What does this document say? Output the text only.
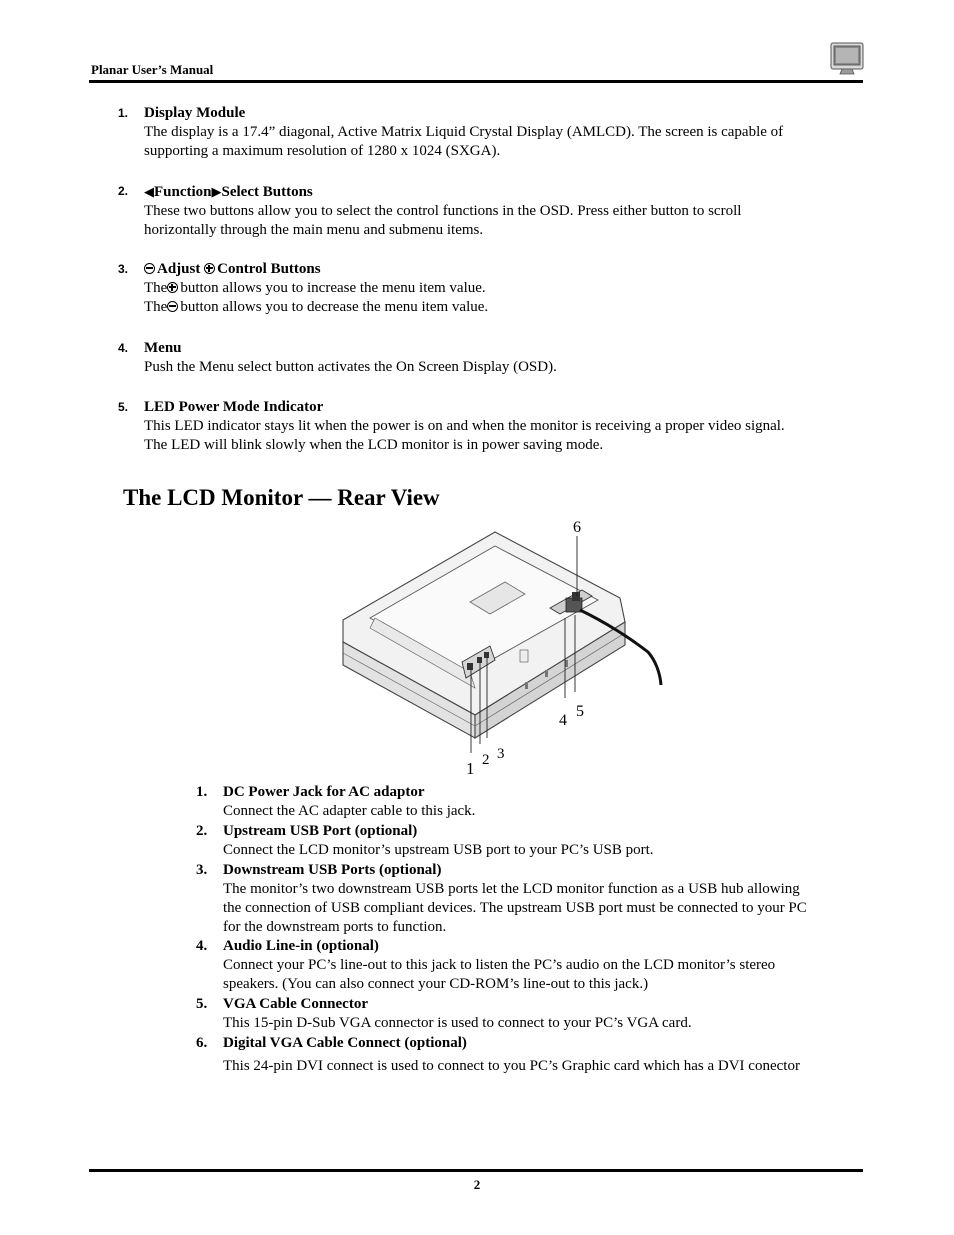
Planar User’s Manual
1.	Display Module
The display is a 17.4” diagonal, Active Matrix Liquid Crystal Display (AMLCD). The screen is capable of
supporting a maximum resolution of 1280 x 1024 (SXGA).
2.	◀Function▶Select Buttons
These two buttons allow you to select the control functions in the OSD. Press either button to scroll
horizontally through the main menu and submenu items.
3.	Adjust Control Buttons
The button allows you to increase the menu item value.
The button allows you to decrease the menu item value.
4.	Menu
Push the Menu select button activates the On Screen Display (OSD).
5.	LED Power Mode Indicator
This LED indicator stays lit when the power is on and when the monitor is receiving a proper video signal.
The LED will blink slowly when the LCD monitor is in power saving mode.
The LCD Monitor — Rear View
1 2 3
4
5
6
1. DC Power Jack for AC adaptor
Connect the AC adapter cable to this jack.
2. Upstream USB Port (optional)
Connect the LCD monitor’s upstream USB port to your PC’s USB port.
3. Downstream USB Ports (optional)
The monitor’s two downstream USB ports let the LCD monitor function as a USB hub allowing
the connection of USB compliant devices. The upstream USB port must be connected to your PC
for the downstream ports to function.
4. Audio Line-in (optional)
Connect your PC’s line-out to this jack to listen the PC’s audio on the LCD monitor’s stereo
speakers. (You can also connect your CD-ROM’s line-out to this jack.)
5. VGA Cable Connector
This 15-pin D-Sub VGA connector is used to connect to your PC’s VGA card.
6. Digital VGA Cable Connect (optional)
This 24-pin DVI connect is used to connect to you PC’s Graphic card which has a DVI conector
2
